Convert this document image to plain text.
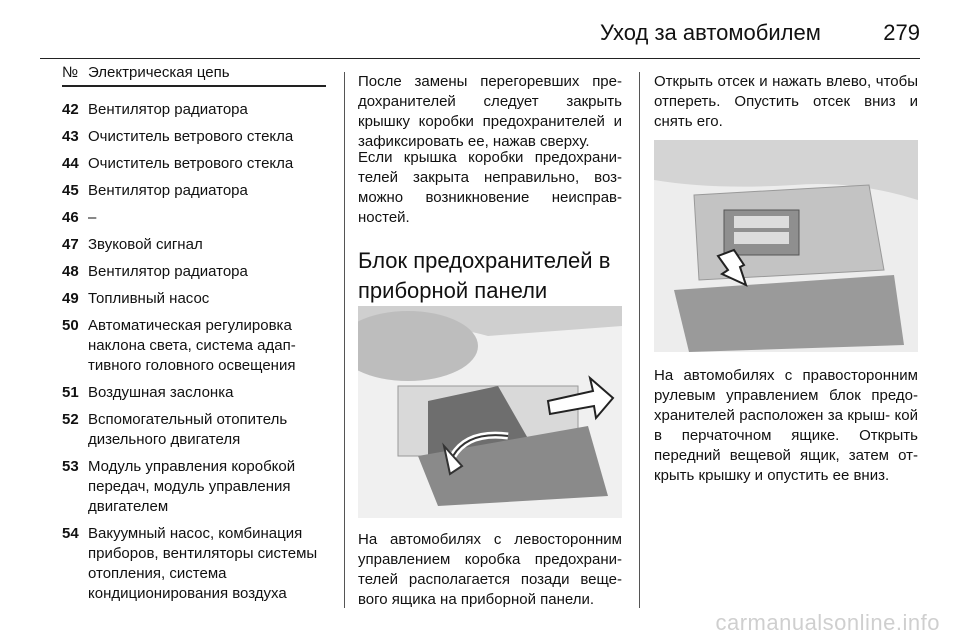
Уход за автомобилем	279
№ Электрическая цепь
42 Вентилятор радиатора
43 Очиститель ветрового стекла
44 Очиститель ветрового стекла
45 Вентилятор радиатора
46 –
47 Звуковой сигнал
48 Вентилятор радиатора
49 Топливный насос
50 Автоматическая регулировка наклона света, система адап- тивного головного освещения
51 Воздушная заслонка
52 Вспомогательный отопитель дизельного двигателя
53 Модуль управления коробкой передач, модуль управления двигателем
54 Вакуумный насос, комбинация приборов, вентиляторы системы отопления, система кондиционирования воздуха
После замены перегоревших пре- дохранителей следует закрыть крышку коробки предохранителей и зафиксировать ее, нажав сверху.
Если крышка коробки предохрани- телей закрыта неправильно, воз- можно возникновение неисправ- ностей.
Блок предохранителей в приборной панели
На автомобилях с левосторонним управлением коробка предохрани- телей располагается позади веще- вого ящика на приборной панели.
Открыть отсек и нажать влево, чтобы отпереть. Опустить отсек вниз и снять его.
На автомобилях с правосторонним рулевым управлением блок предо- хранителей расположен за крыш- кой в перчаточном ящике. Открыть передний вещевой ящик, затем от- крыть крышку и опустить ее вниз.
carmanualsonline.info
